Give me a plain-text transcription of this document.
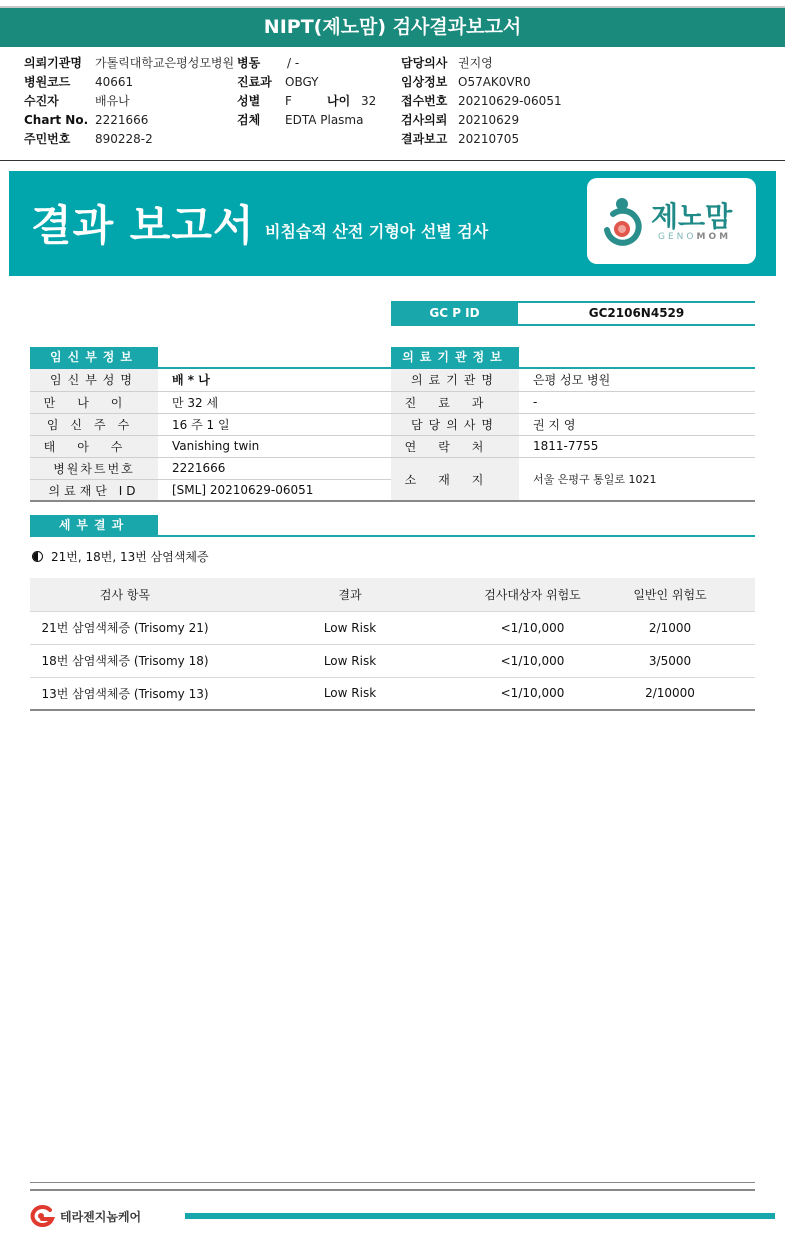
NIPT(제노맘) 검사결과보고서
의뢰기관명	가톨릭대학교은평성모병원
병원코드	40661
수진자	배유나
Chart No. 2221666
주민번호	890228-2
병동	/ -
진료과	OBGY
성별	F	나이 32
검체	EDTA Plasma
담당의사 권지영
임상정보 O57AK0VR0
접수번호 20210629-06051
검사의뢰 20210629
결과보고 20210705
결과 보고서 비침습적 산전 기형아 선별 검사	제노맘
GENOMOM
GC P ID	GC2106N4529
임신부정보	의료기관정보
임신부성명	배 * 나
만나이	만 32 세
임신주수	16 주 1 일
태아수	Vanishing twin
병원차트번호	2221666
의료재단 ID	[SML] 20210629-06051
의료기관명	은평 성모 병원
진료과	-
담당의사명	권 지 영
연락처	1811-7755
소재지	서울 은평구 통일로 1021
세부결과
21번, 18번, 13번 삼염색체증
검사 항목	결과	검사대상자 위험도	일반인 위험도
21번 삼염색체증 (Trisomy 21)	Low Risk	<1/10,000	2/1000
18번 삼염색체증 (Trisomy 18)	Low Risk	<1/10,000	3/5000
13번 삼염색체증 (Trisomy 13)	Low Risk	<1/10,000	2/10000
테라젠지놈케어
